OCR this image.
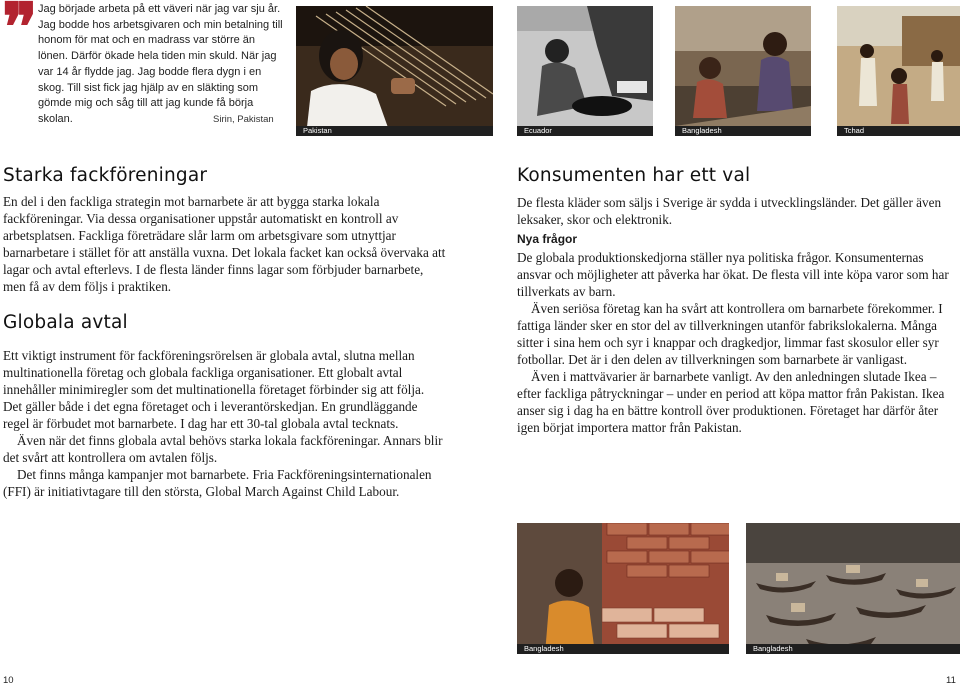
❞ Jag började arbeta på ett väveri när jag var sju år. Jag bodde hos arbetsgivaren och min betalning till honom för mat och en madrass var större än lönen. Därför ökade hela tiden min skuld. När jag var 14 år flydde jag. Jag bodde flera dygn i en skog. Till sist fick jag hjälp av en släkting som gömde mig och såg till att jag kunde få börja skolan.	Sirin, Pakistan
Pakistan	Ecuador	Bangladesh	Tchad
Starka fackföreningar

En del i den fackliga strategin mot barnarbete är att bygga starka lokala fackföreningar. Via dessa organisationer uppstår automatiskt en kontroll av arbetsplatsen. Fackliga företrädare slår larm om arbetsgivare som utnyttjar barnarbetare i stället för att anställa vuxna. Det lokala facket kan också övervaka att lagar och avtal efterlevs. I de flesta länder finns lagar som förbjuder barnarbete, men få av dem följs i praktiken.

Globala avtal

Ett viktigt instrument för fackföreningsrörelsen är globala avtal, slutna mellan multinationella företag och globala fackliga organisationer. Ett globalt avtal innehåller minimiregler som det multinationella företaget förbinder sig att följa. Det gäller både i det egna företaget och i leverantörskedjan. En grundläggande regel är förbudet mot barnarbete. I dag har ett 30-tal globala avtal tecknats.

Även när det finns globala avtal behövs starka lokala fackföreningar. Annars blir det svårt att kontrollera om avtalen följs.

Det finns många kampanjer mot barnarbete. Fria Fackföreningsinternationalen (FFI) är initiativtagare till den största, Global March Against Child Labour.

Konsumenten har ett val

De flesta kläder som säljs i Sverige är sydda i utvecklingsländer. Det gäller även leksaker, skor och elektronik.

Nya frågor

De globala produktionskedjorna ställer nya politiska frågor. Konsumenternas ansvar och möjligheter att påverka har ökat. De flesta vill inte köpa varor som har tillverkats av barn.

Även seriösa företag kan ha svårt att kontrollera om barnarbete förekommer. I fattiga länder sker en stor del av tillverkningen utanför fabrikslokalerna. Många sitter i sina hem och syr i knappar och dragkedjor, limmar fast skosulor eller syr fotbollar. Det är i den delen av tillverkningen som barnarbete är vanligast.

Även i mattvävarier är barnarbete vanligt. Av den anledningen slutade Ikea – efter fackliga påtryckningar – under en period att köpa mattor från Pakistan. Ikea anser sig i dag ha en bättre kontroll över produktionen. Företaget har därför åter igen börjat importera mattor från Pakistan.

Bangladesh	Bangladesh
10	11
